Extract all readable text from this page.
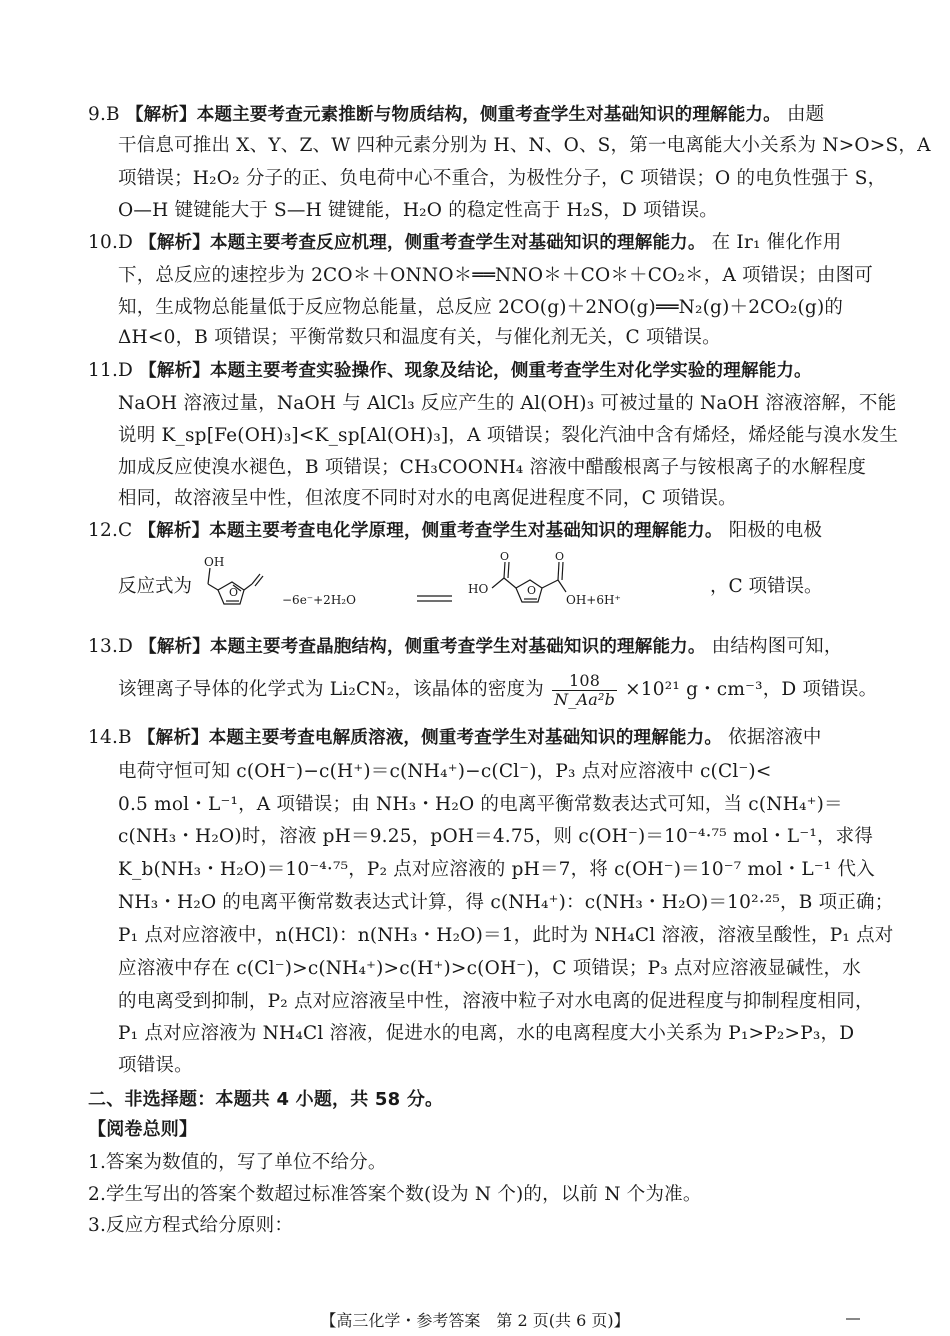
9.B 【解析】本题主要考查元素推断与物质结构，侧重考查学生对基础知识的理解能力。 由题
干信息可推出 X、Y、Z、W 四种元素分别为 H、N、O、S，第一电离能大小关系为 N>O>S，A
项错误；H₂O₂ 分子的正、负电荷中心不重合，为极性分子，C 项错误；O 的电负性强于 S，
O—H 键键能大于 S—H 键键能，H₂O 的稳定性高于 H₂S，D 项错误。
10.D 【解析】本题主要考查反应机理，侧重考查学生对基础知识的理解能力。 在 Ir₁ 催化作用
下，总反应的速控步为 2CO＊＋ONNO＊══NNO＊＋CO＊＋CO₂＊，A 项错误；由图可
知，生成物总能量低于反应物总能量，总反应 2CO(g)＋2NO(g)══N₂(g)＋2CO₂(g)的
ΔH<0，B 项错误；平衡常数只和温度有关，与催化剂无关，C 项错误。
11.D 【解析】本题主要考查实验操作、现象及结论，侧重考查学生对化学实验的理解能力。
NaOH 溶液过量，NaOH 与 AlCl₃ 反应产生的 Al(OH)₃ 可被过量的 NaOH 溶液溶解，不能
说明 K_sp[Fe(OH)₃]<K_sp[Al(OH)₃]，A 项错误；裂化汽油中含有烯烃，烯烃能与溴水发生
加成反应使溴水褪色，B 项错误；CH₃COONH₄ 溶液中醋酸根离子与铵根离子的水解程度
相同，故溶液呈中性，但浓度不同时对水的电离促进程度不同，C 项错误。
12.C 【解析】本题主要考查电化学原理，侧重考查学生对基础知识的理解能力。 阳极的电极
反应式为
OH
O
−6e⁻+2H₂O
HO
O
O
O
OH+6H⁺
，C 项错误。
13.D 【解析】本题主要考查晶胞结构，侧重考查学生对基础知识的理解能力。 由结构图可知，
该锂离子导体的化学式为 Li₂CN₂，该晶体的密度为 $\frac{108}{\text{N\_Aa²b}} \times 10^{21}$ g・cm⁻³，D 项错误。
14.B 【解析】本题主要考查电解质溶液，侧重考查学生对基础知识的理解能力。 依据溶液中
电荷守恒可知 c(OH⁻)−c(H⁺)＝c(NH₄⁺)−c(Cl⁻)，P₃ 点对应溶液中 c(Cl⁻)<
0.5 mol・L⁻¹，A 项错误；由 NH₃・H₂O 的电离平衡常数表达式可知，当 c(NH₄⁺)＝
c(NH₃・H₂O)时，溶液 pH＝9.25，pOH＝4.75，则 c(OH⁻)＝10⁻⁴·⁷⁵ mol・L⁻¹，求得
K_b(NH₃・H₂O)＝10⁻⁴·⁷⁵，P₂ 点对应溶液的 pH＝7，将 c(OH⁻)＝10⁻⁷ mol・L⁻¹ 代入
NH₃・H₂O 的电离平衡常数表达式计算，得 c(NH₄⁺)：c(NH₃・H₂O)＝10²·²⁵，B 项正确；
P₁ 点对应溶液中，n(HCl)：n(NH₃・H₂O)＝1，此时为 NH₄Cl 溶液，溶液呈酸性，P₁ 点对
应溶液中存在 c(Cl⁻)>c(NH₄⁺)>c(H⁺)>c(OH⁻)，C 项错误；P₃ 点对应溶液显碱性，水
的电离受到抑制，P₂ 点对应溶液呈中性，溶液中粒子对水电离的促进程度与抑制程度相同，
P₁ 点对应溶液为 NH₄Cl 溶液，促进水的电离，水的电离程度大小关系为 P₁>P₂>P₃，D
项错误。
二、非选择题：本题共 4 小题，共 58 分。
【阅卷总则】
1.答案为数值的，写了单位不给分。
2.学生写出的答案个数超过标准答案个数(设为 N 个)的，以前 N 个为准。
3.反应方程式给分原则：
【高三化学・参考答案　第 2 页(共 6 页)】
